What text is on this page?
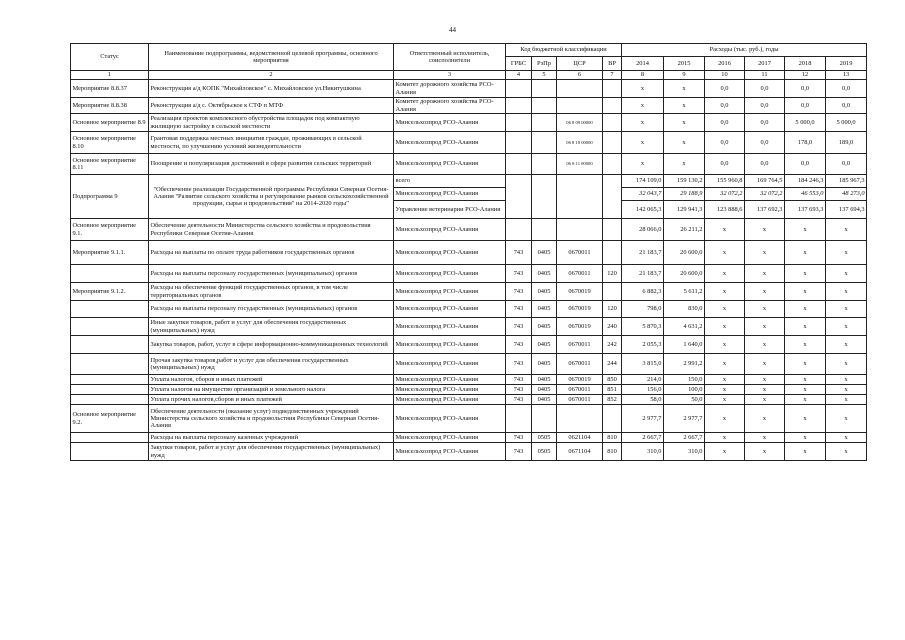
44
Статус	Наименование подпрограммы, ведомственной целевой программы, основного мероприятия	Ответственный исполнитель, соисполнители	Код бюджетной классификации				Расходы (тыс. руб.), годы					
			ГРБС	РзПр	ЦСР	ВР	2014	2015	2016	2017	2018	2019
1	2	3	4	5	6	7	8	9	10	11	12	13
Мероприятие 8.8.37	Реконструкция а/д КОПК "Михайловское" с. Михайловское ул.Никитушкина	Комитет дорожного хозяйства РСО-Алания					х	х	0,0	0,0	0,0	0,0
Мероприятие 8.8.38	Реконструкция а/д с. Октябрьское к СТФ п МТФ	Комитет дорожного хозяйства РСО-Алания					х	х	0,0	0,0	0,0	0,0
Основное мероприятие 8.9	Реализация проектов комплексного обустройства площадок под компактную жилищную застройку в сельской местности	Минсельхозпрод РСО-Алания			06 8 09 00000		х	х	0,0	0,0	5 000,0	5 000,0
Основное мероприятие 8.10	Грантовая поддержка местных инициатив граждан, проживающих в сельской местности, по улучшению условий жизнедеятельности	Минсельхозпрод РСО-Алания			06 8 10 00000		х	х	0,0	0,0	178,0	189,0
Основное мероприятие 8.11	Поощрение и популяризация достижений в сфере развития сельских территорий	Минсельхозпрод РСО-Алания			06 8 11 00000		х	х	0,0	0,0	0,0	0,0
Подпрограмма 9	"Обеспечение реализации Государственной программы Республики Северная Осетия-Алания "Развитие сельского хозяйства и регулирование рынков сельскохозяйственной продукции, сырья и продовольствия" на 2014-2020 годы"	всего					174 109,0	159 130,2	155 960,8	169 764,5	184 246,3	185 967,3
		Минсельхозпрод РСО-Алания					32 043,7	29 188,9	32 072,2	32 072,2	46 553,0	48 273,0
		Управление ветеринарии РСО-Алания					142 065,3	129 941,3	123 888,6	137 692,3	137 693,3	137 694,3
Основное мероприятие 9.1.	Обеспечение деятельности Министерства сельского хозяйства и продовольствия Республики Северная Осетия-Алания	Минсельхозпрод РСО-Алания					28 066,0	26 211,2	х	х	х	х
Мероприятие 9.1.1.	Расходы на выплаты по оплате труда работников государственных органов	Минсельхозпрод РСО-Алания	743	0405	0670011		21 183,7	20 600,0	х	х	х	х
	Расходы на выплаты персоналу государственных (муниципальных) органов	Минсельхозпрод РСО-Алания	743	0405	0670011	120	21 183,7	20 600,0	х	х	х	х
Мероприятие 9.1.2.	Расходы на обеспечение функций государственных органов, в том числе территориальных органов	Минсельхозпрод РСО-Алания	743	0405	0670019		6 882,3	5 611,2	х	х	х	х
	Расходы на выплаты персоналу государственных (муниципальных) органов	Минсельхозпрод РСО-Алания	743	0405	0670019	120	798,0	830,0	х	х	х	х
	Иные закупки товаров, работ и услуг для обеспечения государственных (муниципальных) нужд	Минсельхозпрод РСО-Алания	743	0405	0670019	240	5 870,3	4 631,2	х	х	х	х
	Закупка товаров, работ, услуг в сфере информационно-коммуникационных технологий	Минсельхозпрод РСО-Алания	743	0405	0670011	242	2 055,3	1 640,0	х	х	х	х
	Прочая закупка товаров,работ и услуг для обеспечения государственных (муниципальных) нужд	Минсельхозпрод РСО-Алания	743	0405	0670011	244	3 815,0	2 991,2	х	х	х	х
	Уплата налогов, сборов и иных платежей	Минсельхозпрод РСО-Алания	743	0405	0670019	850	214,0	150,0	х	х	х	х
	Уплата налогов на имущество организаций и земельного налога	Минсельхозпрод РСО-Алания	743	0405	0670011	851	156,0	100,0	х	х	х	х
	Уплата прочих налогов,сборов и иных платежей	Минсельхозпрод РСО-Алания	743	0405	0670011	852	58,0	50,0	х	х	х	х
Основное мероприятие 9.2.	Обеспечение деятельности (оказание услуг) подведомственных учреждений Министерства сельского хозяйства и продовольствия Республики Северная Осетия-Алания	Минсельхозпрод РСО-Алания					2 977,7	2 977,7	х	х	х	х
	Расходы на выплаты персоналу казенных учреждений	Минсельхозпрод РСО-Алания	743	0505	0621104	810	2 667,7	2 667,7	х	х	х	х
	Закупки товаров, работ и услуг для обеспечения государственных (муниципальных) нужд	Минсельхозпрод РСО-Алания	743	0505	0671104	810	310,0	310,0	х	х	х	х
